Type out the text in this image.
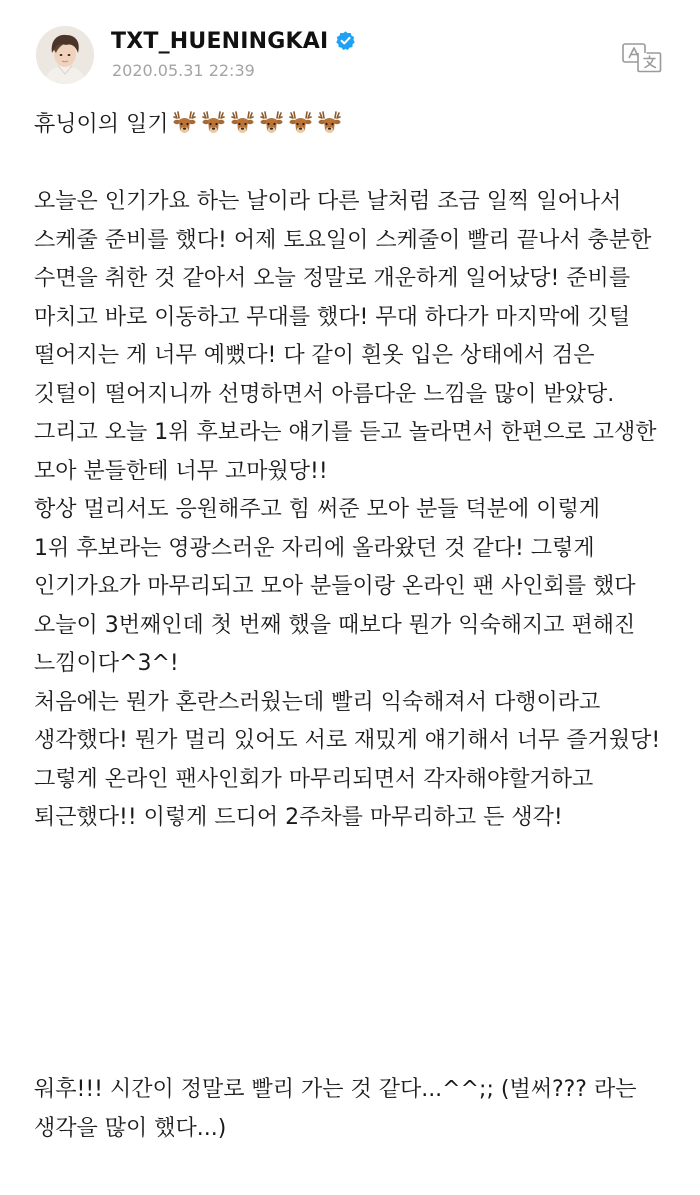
TXT_HUENINGKAI
2020.05.31 22:39
휴닝이의 일기
오늘은 인기가요 하는 날이라 다른 날처럼 조금 일찍 일어나서
스케줄 준비를 했다! 어제 토요일이 스케줄이 빨리 끝나서 충분한
수면을 취한 것 같아서 오늘 정말로 개운하게 일어났당! 준비를
마치고 바로 이동하고 무대를 했다! 무대 하다가 마지막에 깃털
떨어지는 게 너무 예뻤다! 다 같이 흰옷 입은 상태에서 검은
깃털이 떨어지니까 선명하면서 아름다운 느낌을 많이 받았당.
그리고 오늘 1위 후보라는 얘기를 듣고 놀라면서 한편으로 고생한
모아 분들한테 너무 고마웠당!!
항상 멀리서도 응원해주고 힘 써준 모아 분들 덕분에 이렇게
1위 후보라는 영광스러운 자리에 올라왔던 것 같다! 그렇게
인기가요가 마무리되고 모아 분들이랑 온라인 팬 사인회를 했다
오늘이 3번째인데 첫 번째 했을 때보다 뭔가 익숙해지고 편해진
느낌이다^3^!
처음에는 뭔가 혼란스러웠는데 빨리 익숙해져서 다행이라고
생각했다! 뭔가 멀리 있어도 서로 재밌게 얘기해서 너무 즐거웠당!
그렇게 온라인 팬사인회가 마무리되면서 각자해야할거하고
퇴근했다!! 이렇게 드디어 2주차를 마무리하고 든 생각!
워후!!! 시간이 정말로 빨리 가는 것 같다...^^;; (벌써??? 라는
생각을 많이 했다...)
